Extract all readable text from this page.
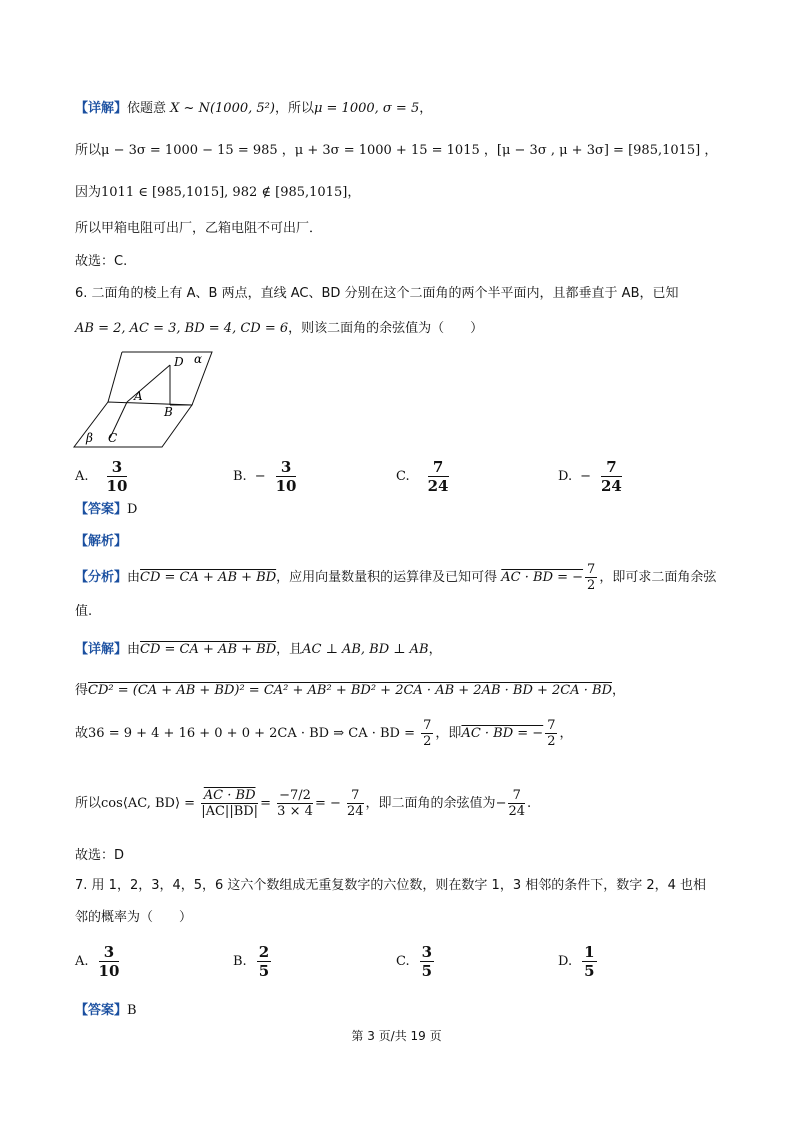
【详解】依题意 X ~ N(1000, 5²)，所以μ = 1000, σ = 5，
所以μ − 3σ = 1000 − 15 = 985 ，μ + 3σ = 1000 + 15 = 1015 ，[μ − 3σ , μ + 3σ] = [985,1015] ，
因为1011 ∈ [985,1015], 982 ∉ [985,1015]，
所以甲箱电阻可出厂，乙箱电阻不可出厂．
故选：C.
6. 二面角的棱上有 A、B 两点，直线 AC、BD 分别在这个二面角的两个半平面内，且都垂直于 AB，已知
AB = 2, AC = 3, BD = 4, CD = 6，则该二面角的余弦值为（　　）
α
D
A
B
β C
A. $\frac{3}{10}$	B. − $\frac{3}{10}$	C. $\frac{7}{24}$	D. − $\frac{7}{24}$
【答案】D
【解析】
【分析】由CD = CA + AB + BD，应用向量数量积的运算律及已知可得 AC · BD = − $\frac{7}{2}$ ，即可求二面角余弦
值.
【详解】由CD = CA + AB + BD，且AC ⊥ AB, BD ⊥ AB，
得CD² = (CA + AB + BD)² = CA² + AB² + BD² + 2CA · AB + 2AB · BD + 2CA · BD，
故36 = 9 + 4 + 16 + 0 + 0 + 2CA · BD ⇒ CA · BD = $\frac{7}{2}$ ，即AC · BD = − $\frac{7}{2}$ ，
所以cos⟨AC, BD⟩ = $\frac{AC \cdot BD}{|AC||BD|} = \frac{-7/2}{3 \times 4}$ = − $\frac{7}{24}$ ，即二面角的余弦值为− $\frac{7}{24}$ .
故选：D
7. 用 1，2，3，4，5，6 这六个数组成无重复数字的六位数，则在数字 1，3 相邻的条件下，数字 2，4 也相
邻的概率为（　　）
A. $\frac{3}{10}$	B. $\frac{2}{5}$	C. $\frac{3}{5}$	D. $\frac{1}{5}$
【答案】B
第 3 页/共 19 页
